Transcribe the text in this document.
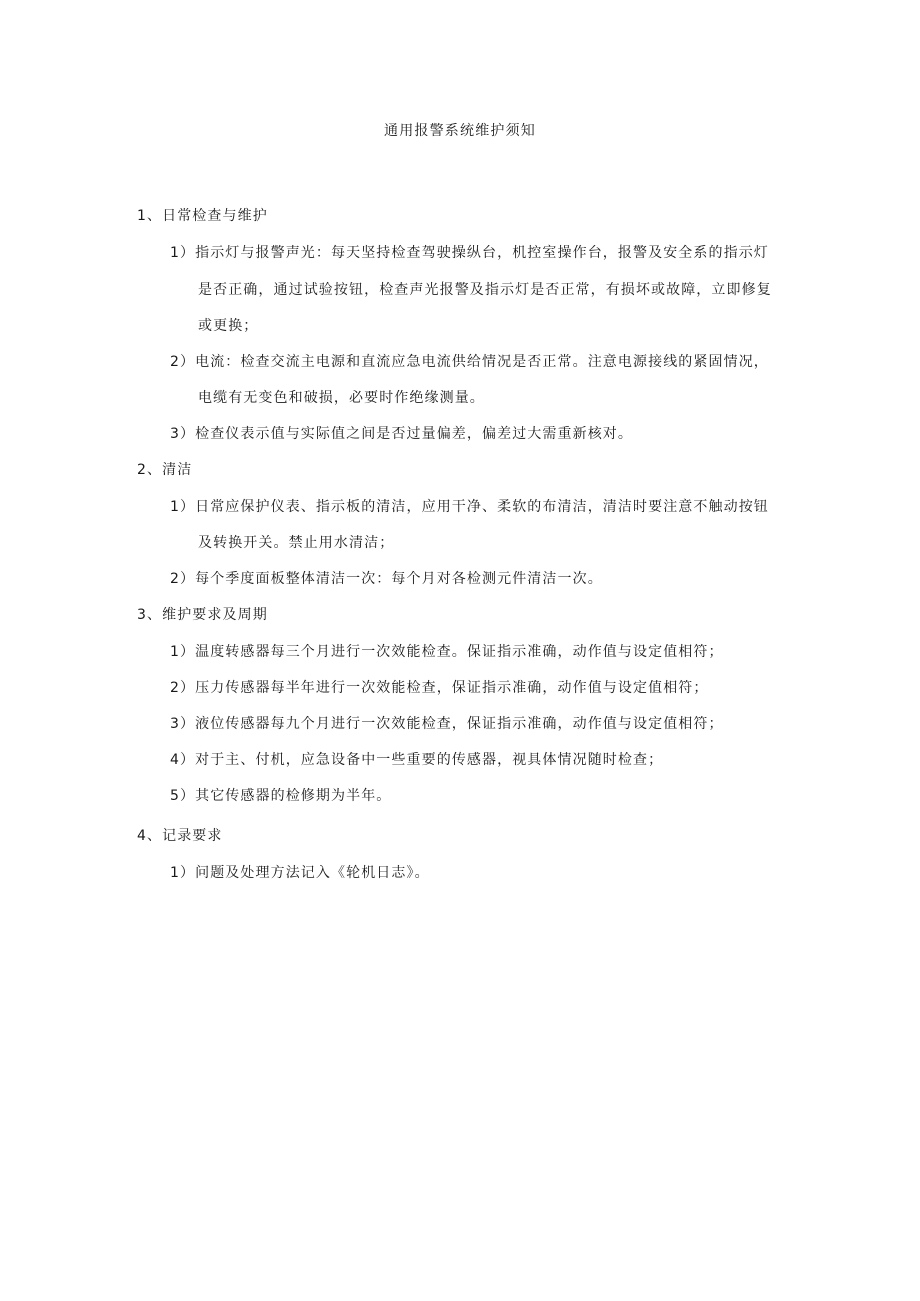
通用报警系统维护须知
1、日常检查与维护
1）指示灯与报警声光：每天坚持检查驾驶操纵台，机控室操作台，报警及安全系的指示灯
是否正确，通过试验按钮，检查声光报警及指示灯是否正常，有损坏或故障，立即修复
或更换；
2）电流：检查交流主电源和直流应急电流供给情况是否正常。注意电源接线的紧固情况，
电缆有无变色和破损，必要时作绝缘测量。
3）检查仪表示值与实际值之间是否过量偏差，偏差过大需重新核对。
2、清洁
1）日常应保护仪表、指示板的清洁，应用干净、柔软的布清洁，清洁时要注意不触动按钮
及转换开关。禁止用水清洁；
2）每个季度面板整体清洁一次：每个月对各检测元件清洁一次。
3、维护要求及周期
1）温度转感器每三个月进行一次效能检查。保证指示准确，动作值与设定值相符；
2）压力传感器每半年进行一次效能检查，保证指示准确，动作值与设定值相符；
3）液位传感器每九个月进行一次效能检查，保证指示准确，动作值与设定值相符；
4）对于主、付机，应急设备中一些重要的传感器，视具体情况随时检查；
5）其它传感器的检修期为半年。
4、记录要求
1）问题及处理方法记入《轮机日志》。
